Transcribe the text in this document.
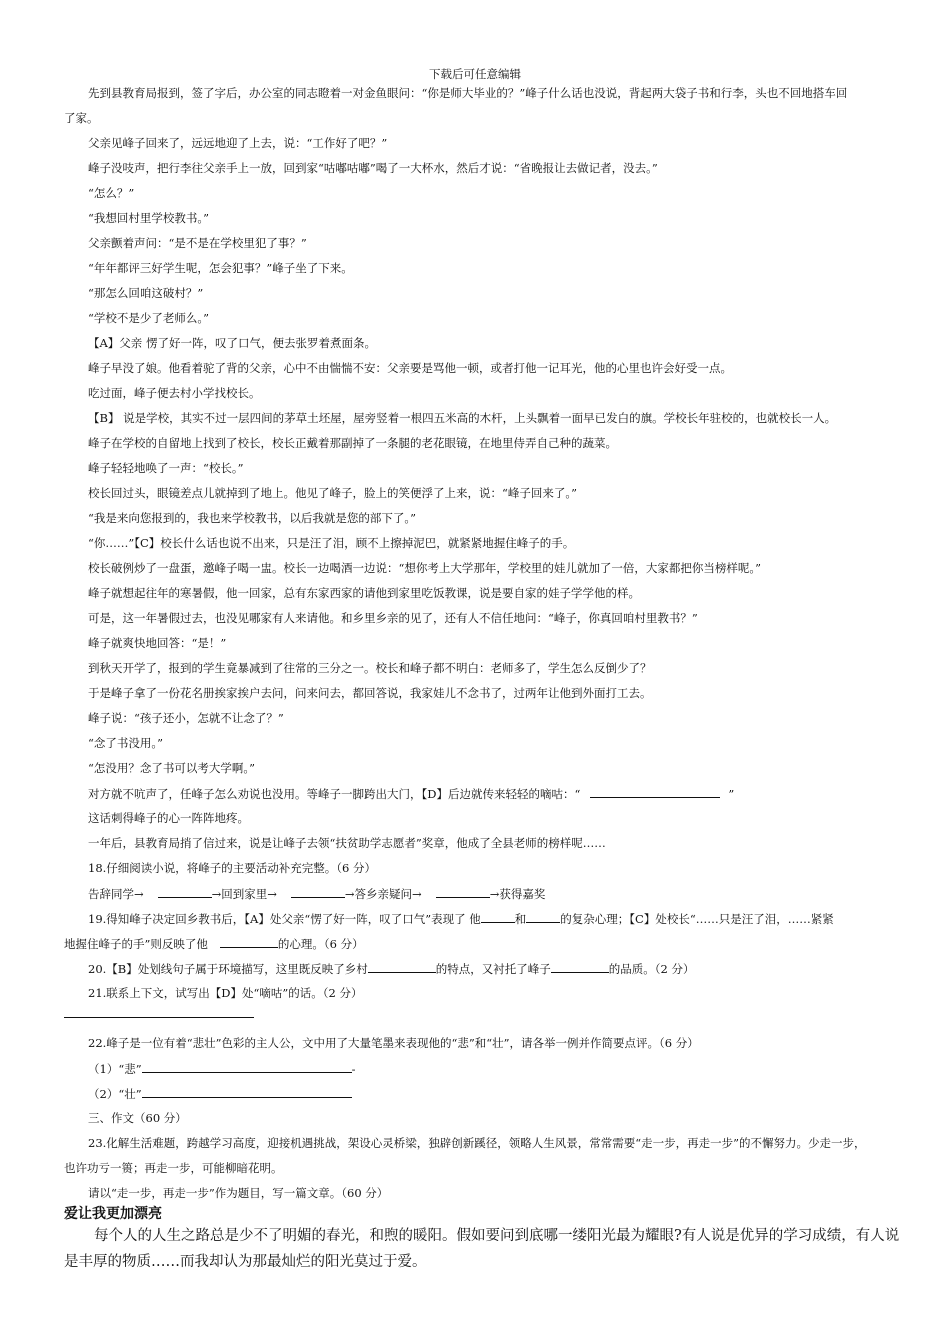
下载后可任意编辑
先到县教育局报到，签了字后，办公室的同志瞪着一对金鱼眼问：“你是师大毕业的？”峰子什么话也没说，背起两大袋子书和行李，头也不回地搭车回
了家。
父亲见峰子回来了，远远地迎了上去，说：“工作好了吧？”
峰子没吱声，把行李往父亲手上一放，回到家“咕嘟咕嘟”喝了一大杯水，然后才说：“省晚报让去做记者，没去。”
“怎么？”
“我想回村里学校教书。”
父亲颤着声问：“是不是在学校里犯了事？”
“年年都评三好学生呢，怎会犯事？”峰子坐了下来。
“那怎么回咱这破村？”
“学校不是少了老师么。”
【A】父亲 愣了好一阵，叹了口气，便去张罗着煮面条。
峰子早没了娘。他看着驼了背的父亲，心中不由惴惴不安：父亲要是骂他一顿，或者打他一记耳光，他的心里也许会好受一点。
吃过面，峰子便去村小学找校长。
【B】 说是学校，其实不过一层四间的茅草土坯屋，屋旁竖着一根四五米高的木杆，上头飘着一面早已发白的旗。学校长年驻校的，也就校长一人。
峰子在学校的自留地上找到了校长，校长正戴着那副掉了一条腿的老花眼镜，在地里侍弄自己种的蔬菜。
峰子轻轻地唤了一声：“校长。”
校长回过头，眼镜差点儿就掉到了地上。他见了峰子，脸上的笑便浮了上来，说：“峰子回来了。”
“我是来向您报到的，我也来学校教书，以后我就是您的部下了。”
“你……”【C】校长什么话也说不出来，只是汪了泪，顾不上擦掉泥巴，就紧紧地握住峰子的手。
校长破例炒了一盘蛋，邀峰子喝一盅。校长一边喝酒一边说：“想你考上大学那年，学校里的娃儿就加了一倍，大家都把你当榜样呢。”
峰子就想起往年的寒暑假，他一回家，总有东家西家的请他到家里吃饭教课，说是要自家的娃子学学他的样。
可是，这一年暑假过去，也没见哪家有人来请他。和乡里乡亲的见了，还有人不信任地问：“峰子，你真回咱村里教书？”
峰子就爽快地回答：“是！”
到秋天开学了，报到的学生竟暴减到了往常的三分之一。校长和峰子都不明白：老师多了，学生怎么反倒少了？
于是峰子拿了一份花名册挨家挨户去问，问来问去，都回答说，我家娃儿不念书了，过两年让他到外面打工去。
峰子说：“孩子还小，怎就不让念了？”
“念了书没用。”
“怎没用？念了书可以考大学啊。”
对方就不吭声了，任峰子怎么劝说也没用。等峰子一脚跨出大门，【D】后边就传来轻轻的嘀咕：“	”
这话刺得峰子的心一阵阵地疼。
一年后，县教育局捎了信过来，说是让峰子去领“扶贫助学志愿者”奖章，他成了全县老师的榜样呢……
18.仔细阅读小说，将峰子的主要活动补充完整。（6 分）
告辞同学→	→回到家里→	→答乡亲疑问→	→获得嘉奖
19.得知峰子决定回乡教书后，【A】处父亲“愣了好一阵，叹了口气”表现了 他	和	的复杂心理；【C】处校长“……只是汪了泪，……紧紧
地握住峰子的手”则反映了他	的心理。（6 分）
20.【B】处划线句子属于环境描写，这里既反映了乡村	的特点，又衬托了峰子	的品质。（2 分）
21.联系上下文，试写出【D】处“嘀咕”的话。（2 分）
22.峰子是一位有着“悲壮”色彩的主人公，文中用了大量笔墨来表现他的“悲”和“壮”，请各举一例并作简要点评。（6 分）
（1）“悲”	-
（2）“壮”
三、作文（60 分）
23.化解生活难题，跨越学习高度，迎接机遇挑战，架设心灵桥梁，独辟创新蹊径，领略人生风景，常常需要“走一步，再走一步”的不懈努力。少走一步，
也许功亏一篑；再走一步，可能柳暗花明。
请以“走一步，再走一步”作为题目，写一篇文章。（60 分）
爱让我更加漂亮
每个人的人生之路总是少不了明媚的春光，和煦的暖阳。假如要问到底哪一缕阳光最为耀眼?有人说是优异的学习成绩，有人说
是丰厚的物质……而我却认为那最灿烂的阳光莫过于爱。
